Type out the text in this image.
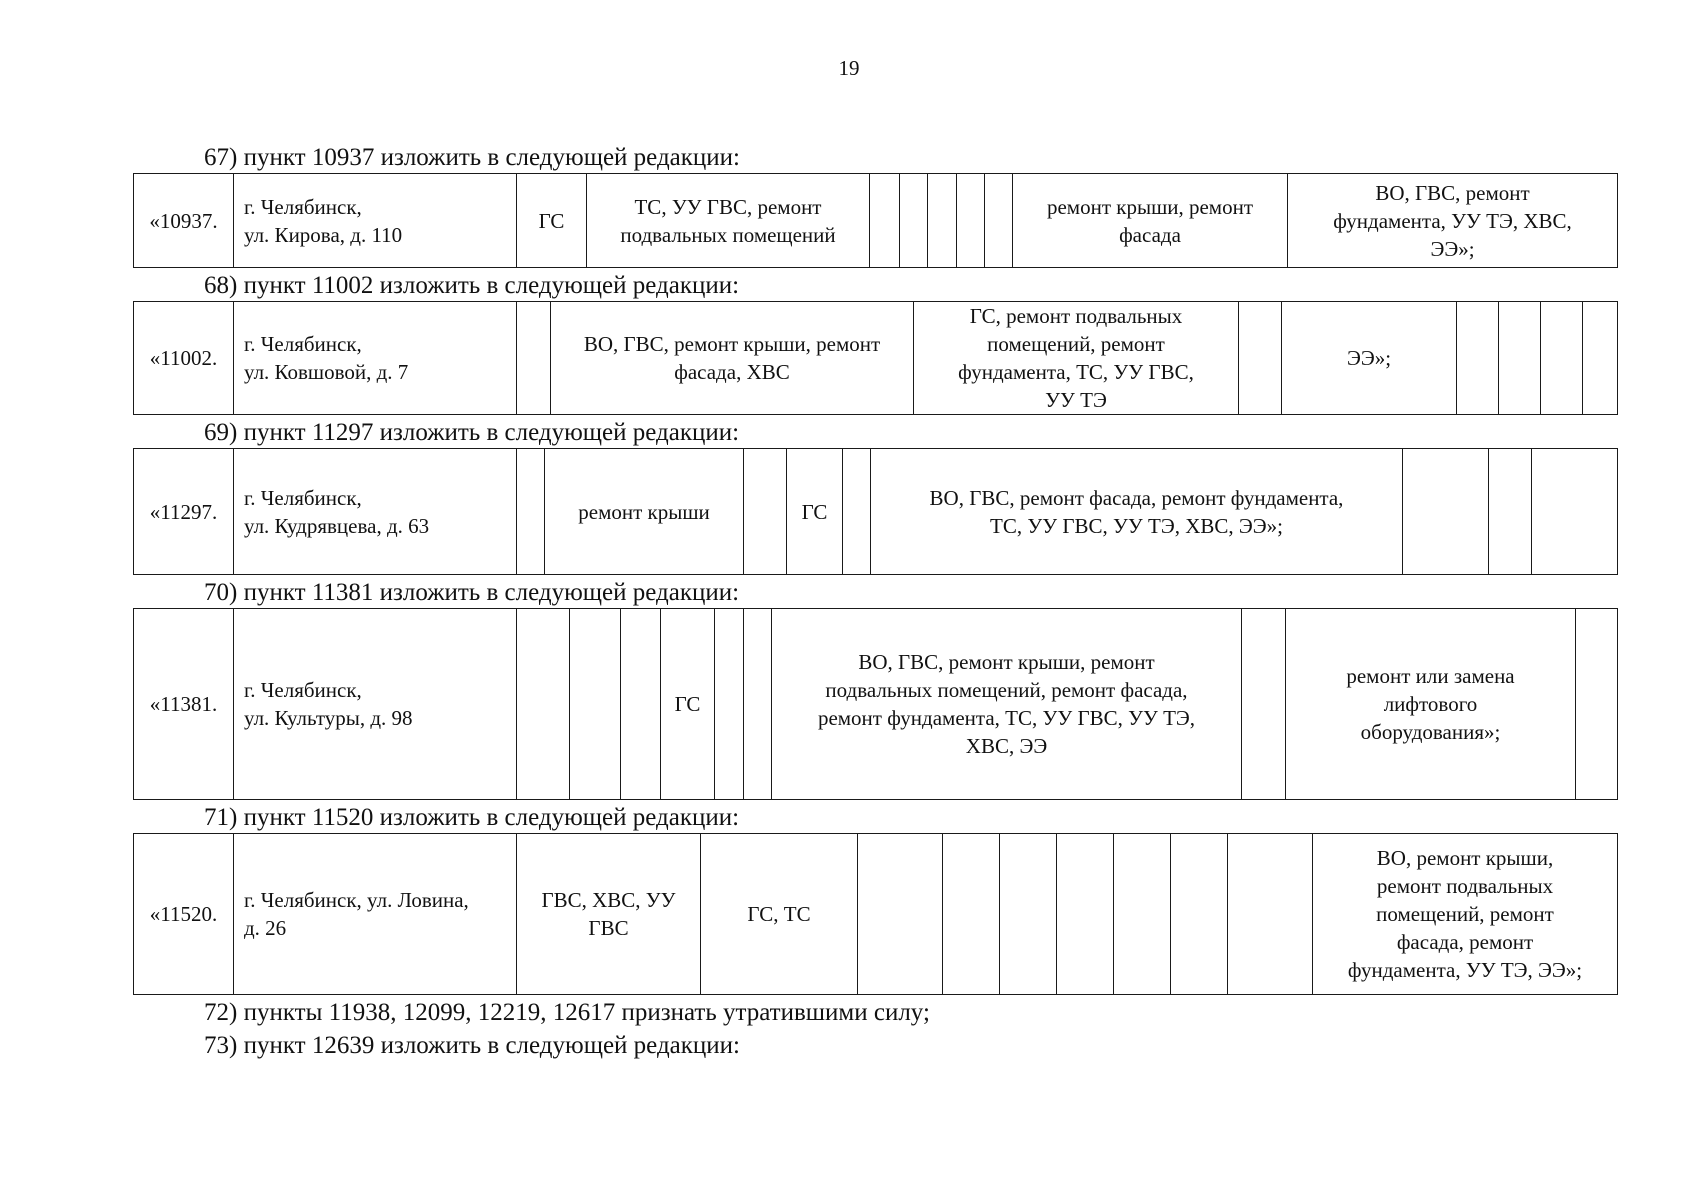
19
67) пункт 10937 изложить в следующей редакции:
«10937.	г. Челябинск,
ул. Кирова, д. 110	ГС	ТС, УУ ГВС, ремонт
подвальных помещений						ремонт крыши, ремонт
фасада	ВО, ГВС, ремонт
фундамента, УУ ТЭ, ХВС,
ЭЭ»;
68) пункт 11002 изложить в следующей редакции:
«11002.	г. Челябинск,
ул. Ковшовой, д. 7		ВО, ГВС, ремонт крыши, ремонт
фасада, ХВС	ГС, ремонт подвальных
помещений, ремонт
фундамента, ТС, УУ ГВС,
УУ ТЭ		ЭЭ»;				
69) пункт 11297 изложить в следующей редакции:
«11297.	г. Челябинск,
ул. Кудрявцева, д. 63		ремонт крыши		ГС		ВО, ГВС, ремонт фасада, ремонт фундамента,
ТС, УУ ГВС, УУ ТЭ, ХВС, ЭЭ»;			
70) пункт 11381 изложить в следующей редакции:
«11381.	г. Челябинск,
ул. Культуры, д. 98				ГС			ВО, ГВС, ремонт крыши, ремонт
подвальных помещений, ремонт фасада,
ремонт фундамента, ТС, УУ ГВС, УУ ТЭ,
ХВС, ЭЭ		ремонт или замена
лифтового
оборудования»;	
71) пункт 11520 изложить в следующей редакции:
«11520.	г. Челябинск, ул. Ловина,
д. 26	ГВС, ХВС, УУ
ГВС	ГС, ТС								ВО, ремонт крыши,
ремонт подвальных
помещений, ремонт
фасада, ремонт
фундамента, УУ ТЭ, ЭЭ»;
72) пункты 11938, 12099, 12219, 12617 признать утратившими силу;
73) пункт 12639 изложить в следующей редакции:
